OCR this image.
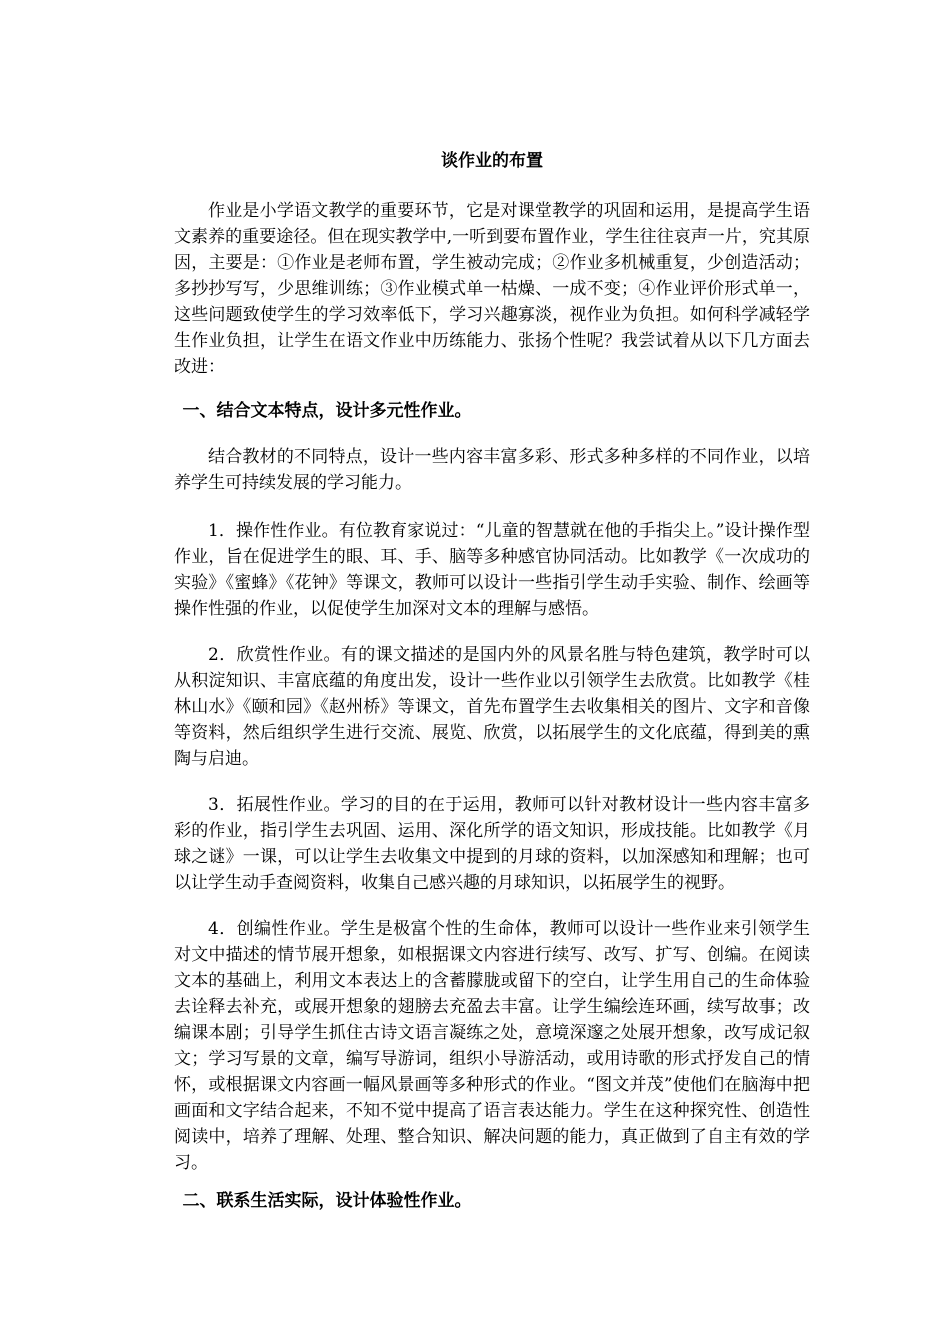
谈作业的布置

作业是小学语文教学的重要环节，它是对课堂教学的巩固和运用，是提高学生语文素养的重要途径。但在现实教学中,一听到要布置作业，学生往往哀声一片，究其原因，主要是：①作业是老师布置，学生被动完成；②作业多机械重复，少创造活动；多抄抄写写，少思维训练；③作业模式单一枯燥、一成不变；④作业评价形式单一，这些问题致使学生的学习效率低下，学习兴趣寡淡，视作业为负担。如何科学减轻学生作业负担，让学生在语文作业中历练能力、张扬个性呢？我尝试着从以下几方面去改进：

一、结合文本特点，设计多元性作业。

结合教材的不同特点，设计一些内容丰富多彩、形式多种多样的不同作业，以培养学生可持续发展的学习能力。

1．操作性作业。有位教育家说过：“儿童的智慧就在他的手指尖上。”设计操作型作业，旨在促进学生的眼、耳、手、脑等多种感官协同活动。比如教学《一次成功的实验》《蜜蜂》《花钟》等课文，教师可以设计一些指引学生动手实验、制作、绘画等操作性强的作业，以促使学生加深对文本的理解与感悟。

2．欣赏性作业。有的课文描述的是国内外的风景名胜与特色建筑，教学时可以从积淀知识、丰富底蕴的角度出发，设计一些作业以引领学生去欣赏。比如教学《桂林山水》《颐和园》《赵州桥》等课文，首先布置学生去收集相关的图片、文字和音像等资料，然后组织学生进行交流、展览、欣赏，以拓展学生的文化底蕴，得到美的熏陶与启迪。

3．拓展性作业。学习的目的在于运用，教师可以针对教材设计一些内容丰富多彩的作业，指引学生去巩固、运用、深化所学的语文知识，形成技能。比如教学《月球之谜》一课，可以让学生去收集文中提到的月球的资料，以加深感知和理解；也可以让学生动手查阅资料，收集自己感兴趣的月球知识，以拓展学生的视野。

4．创编性作业。学生是极富个性的生命体，教师可以设计一些作业来引领学生对文中描述的情节展开想象，如根据课文内容进行续写、改写、扩写、创编。在阅读文本的基础上，利用文本表达上的含蓄朦胧或留下的空白，让学生用自己的生命体验去诠释去补充，或展开想象的翅膀去充盈去丰富。让学生编绘连环画，续写故事；改编课本剧；引导学生抓住古诗文语言凝练之处，意境深邃之处展开想象，改写成记叙文；学习写景的文章，编写导游词，组织小导游活动，或用诗歌的形式抒发自己的情怀，或根据课文内容画一幅风景画等多种形式的作业。“图文并茂”使他们在脑海中把画面和文字结合起来，不知不觉中提高了语言表达能力。学生在这种探究性、创造性阅读中，培养了理解、处理、整合知识、解决问题的能力，真正做到了自主有效的学习。

二、联系生活实际，设计体验性作业。
